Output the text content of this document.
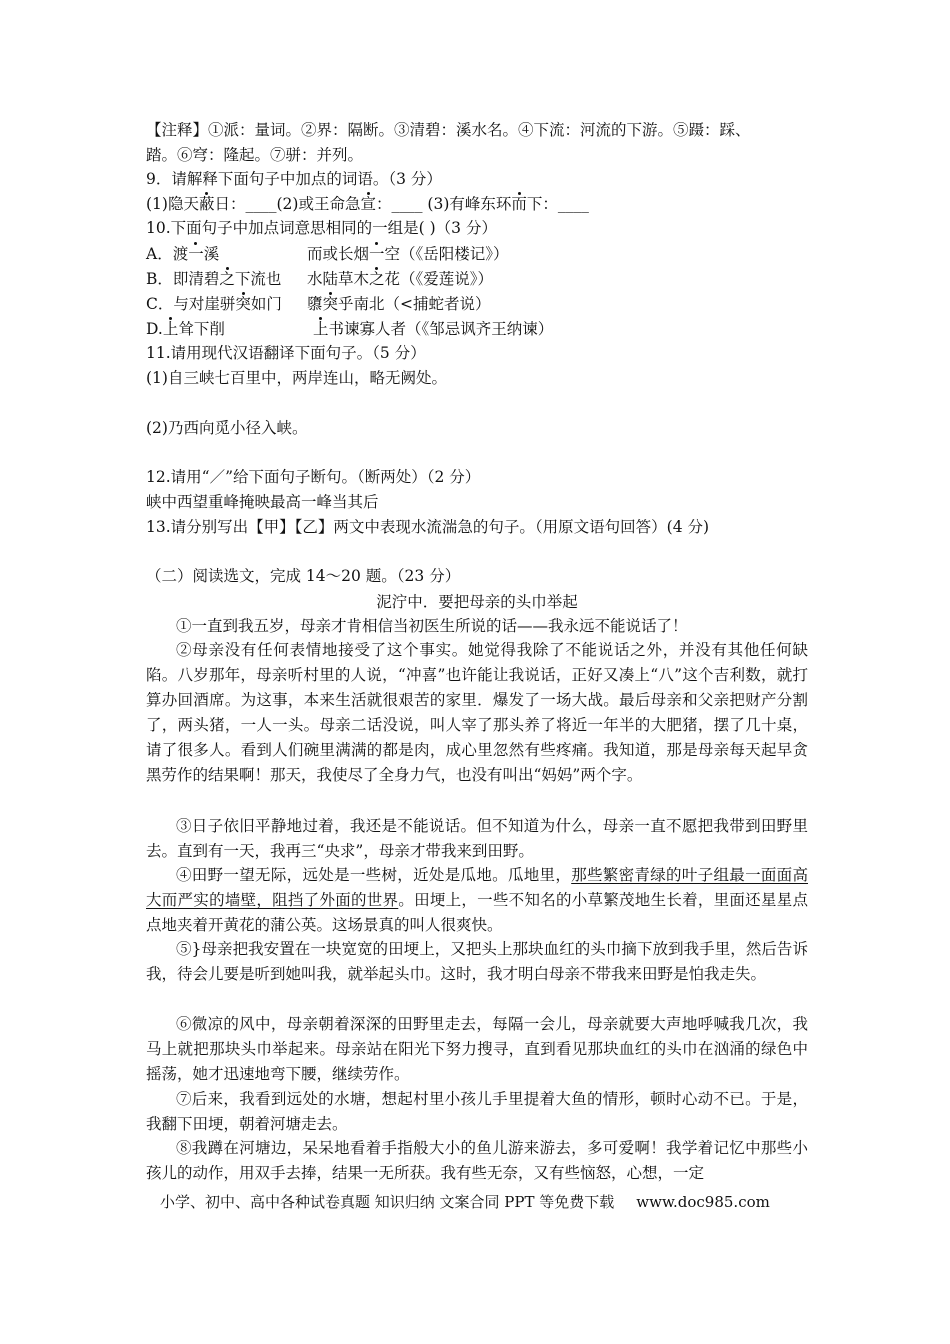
【注释】①派：量词。②界：隔断。③清碧：溪水名。④下流：河流的下游。⑤蹑：踩、
踏。⑥穹：隆起。⑦骈：并列。
9．请解释下面句子中加点的词语。（3 分）
(1)隐天蔽日：____(2)或王命急宣：____ (3)有峰东环而下：____
10.下面句子中加点词意思相同的一组是( )（3 分）
A．渡一溪	而或长烟一空（《岳阳楼记》）
B．即清碧之下流也 水陆草木之花（《爱莲说》）
C．与对崖骈突如门 隳突乎南北（<捕蛇者说）
D.上耸下削	上书谏寡人者（《邹忌讽齐王纳谏）
11.请用现代汉语翻译下面句子。（5 分）
(1)自三峡七百里中，两岸连山，略无阙处。
(2)乃西向觅小径入峡。
12.请用“／”给下面句子断句。（断两处）（2 分）
峡中西望重峰掩映最高一峰当其后
13.请分别写出【甲】【乙】两文中表现水流湍急的句子。（用原文语句回答）(4 分)
（二）阅读选文，完成 14～20 题。（23 分）
泥泞中．要把母亲的头巾举起
①一直到我五岁，母亲才肯相信当初医生所说的话——我永远不能说话了！
②母亲没有任何表情地接受了这个事实。她觉得我除了不能说话之外，并没有其他任何缺陷。八岁那年，母亲听村里的人说，“冲喜”也许能让我说话，正好又凑上“八”这个吉利数，就打算办回酒席。为这事，本来生活就很艰苦的家里．爆发了一场大战。最后母亲和父亲把财产分割了，两头猪，一人一头。母亲二话没说，叫人宰了那头养了将近一年半的大肥猪，摆了几十桌，请了很多人。看到人们碗里满满的都是肉，成心里忽然有些疼痛。我知道，那是母亲每天起早贪黑劳作的结果啊！那天，我使尽了全身力气，也没有叫出“妈妈”两个字。
③日子依旧平静地过着，我还是不能说话。但不知道为什么，母亲一直不愿把我带到田野里去。直到有一天，我再三“央求”，母亲才带我来到田野。
④田野一望无际，远处是一些树，近处是瓜地。瓜地里，那些繁密青绿的叶子组最一面面高大而严实的墙壁，阻挡了外面的世界。田埂上，一些不知名的小草繁茂地生长着，里面还星星点点地夹着开黄花的蒲公英。这场景真的叫人很爽快。
⑤}母亲把我安置在一块宽宽的田埂上，又把头上那块血红的头巾摘下放到我手里，然后告诉我，待会儿要是听到她叫我，就举起头巾。这时，我才明白母亲不带我来田野是怕我走失。
⑥微凉的风中，母亲朝着深深的田野里走去，每隔一会儿，母亲就要大声地呼喊我几次，我马上就把那块头巾举起来。母亲站在阳光下努力搜寻，直到看见那块血红的头巾在汹涌的绿色中摇荡，她才迅速地弯下腰，继续劳作。
⑦后来，我看到远处的水塘，想起村里小孩儿手里提着大鱼的情形，顿时心动不已。于是，我翻下田埂，朝着河塘走去。
⑧我蹲在河塘边，呆呆地看着手指般大小的鱼儿游来游去，多可爱啊！我学着记忆中那些小孩儿的动作，用双手去捧，结果一无所获。我有些无奈，又有些恼怒，心想，一定
小学、初中、高中各种试卷真题 知识归纳 文案合同 PPT 等免费下载 www.doc985.com
